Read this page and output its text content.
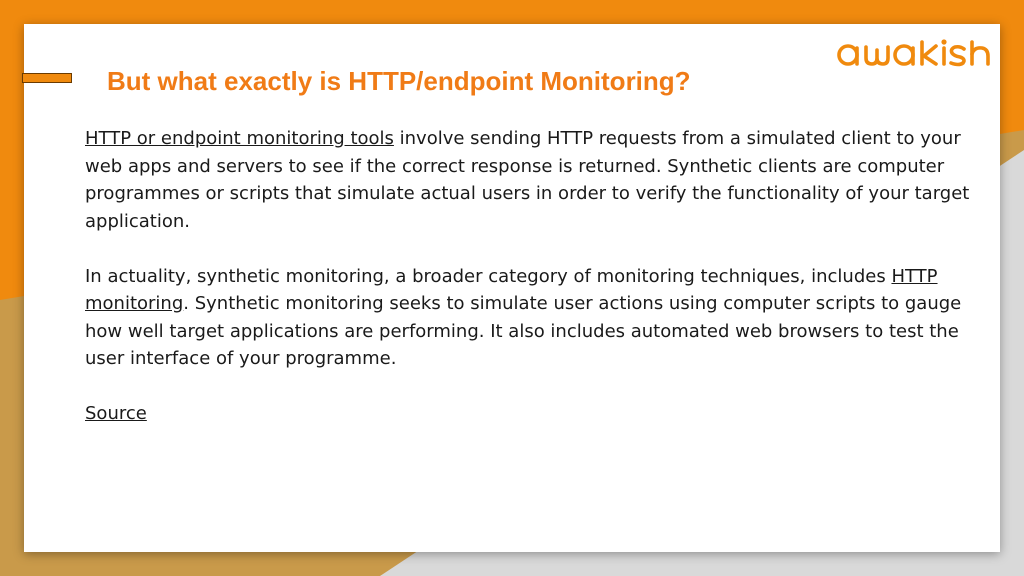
But what exactly is HTTP/endpoint Monitoring?

HTTP or endpoint monitoring tools involve sending HTTP requests from a simulated client to your web apps and servers to see if the correct response is returned. Synthetic clients are computer programmes or scripts that simulate actual users in order to verify the functionality of your target application.

In actuality, synthetic monitoring, a broader category of monitoring techniques, includes HTTP monitoring. Synthetic monitoring seeks to simulate user actions using computer scripts to gauge how well target applications are performing. It also includes automated web browsers to test the user interface of your programme.

Source
